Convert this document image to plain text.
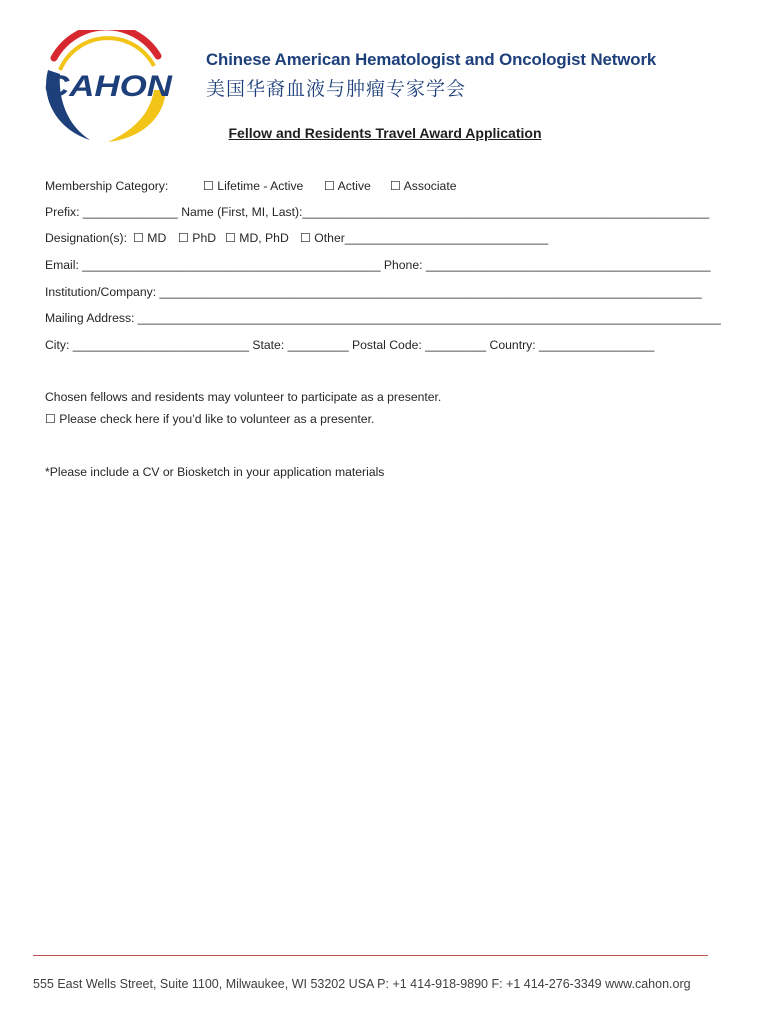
CAHON
Chinese American Hematologist and Oncologist Network
美国华裔血液与肿瘤专家学会
Fellow and Residents Travel Award Application
Membership Category:	☐ Lifetime - Active ☐ Active ☐ Associate
Prefix: ______________ Name (First, MI, Last):____________________________________________________________
Designation(s): ☐ MD ☐ PhD ☐ MD, PhD ☐ Other______________________________
Email: ____________________________________________ Phone: __________________________________________
Institution/Company: ________________________________________________________________________________
Mailing Address: ______________________________________________________________________________________
City: __________________________ State: _________ Postal Code: _________ Country: _________________
Chosen fellows and residents may volunteer to participate as a presenter.
☐ Please check here if you’d like to volunteer as a presenter.
*Please include a CV or Biosketch in your application materials
555 East Wells Street, Suite 1100, Milwaukee, WI 53202 USA P: +1 414-918-9890 F: +1 414-276-3349 www.cahon.org
